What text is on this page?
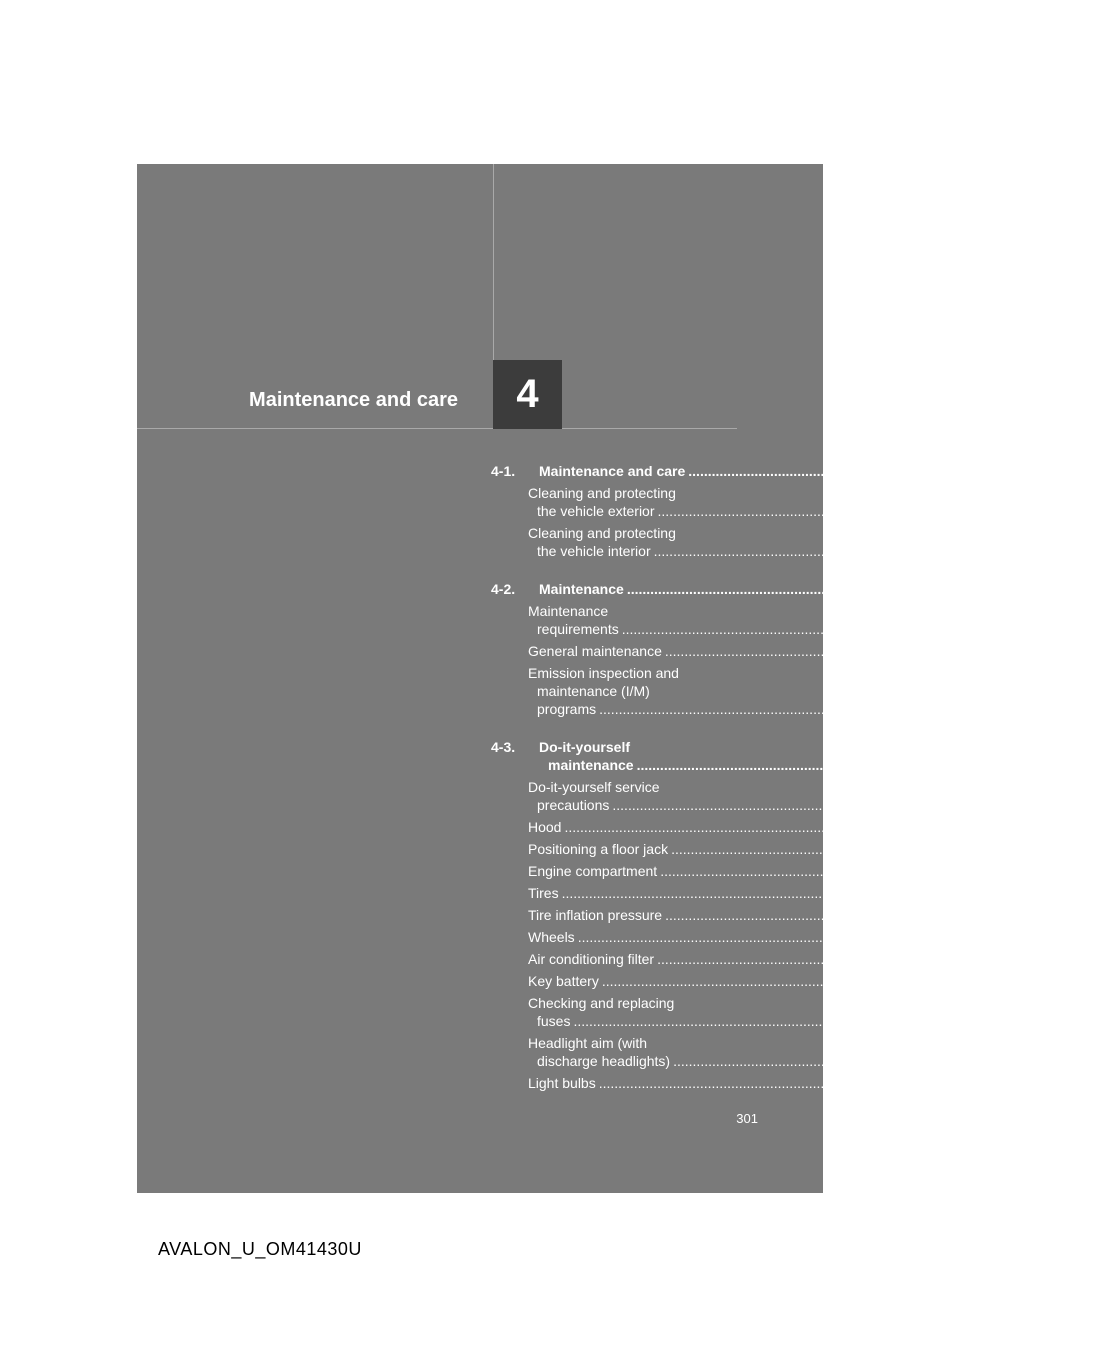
Maintenance and care 4
4-1.	Maintenance and care .....	302
Cleaning and protecting
the vehicle exterior .....	302
Cleaning and protecting
the vehicle interior .....	305
4-2.	Maintenance .....	308
Maintenance
requirements .....	308
General maintenance .....	310
Emission inspection and
maintenance (I/M)
programs .....	313
4-3.	Do-it-yourself
maintenance .....	314
Do-it-yourself service
precautions .....	314
Hood .....	317
Positioning a floor jack .....	318
Engine compartment .....	320
Tires .....	336
Tire inflation pressure .....	345
Wheels .....	349
Air conditioning filter .....	351
Key battery .....	354
Checking and replacing
fuses .....	358
Headlight aim (with
discharge headlights) .....	367
Light bulbs .....	369
301
AVALON_U_OM41430U
